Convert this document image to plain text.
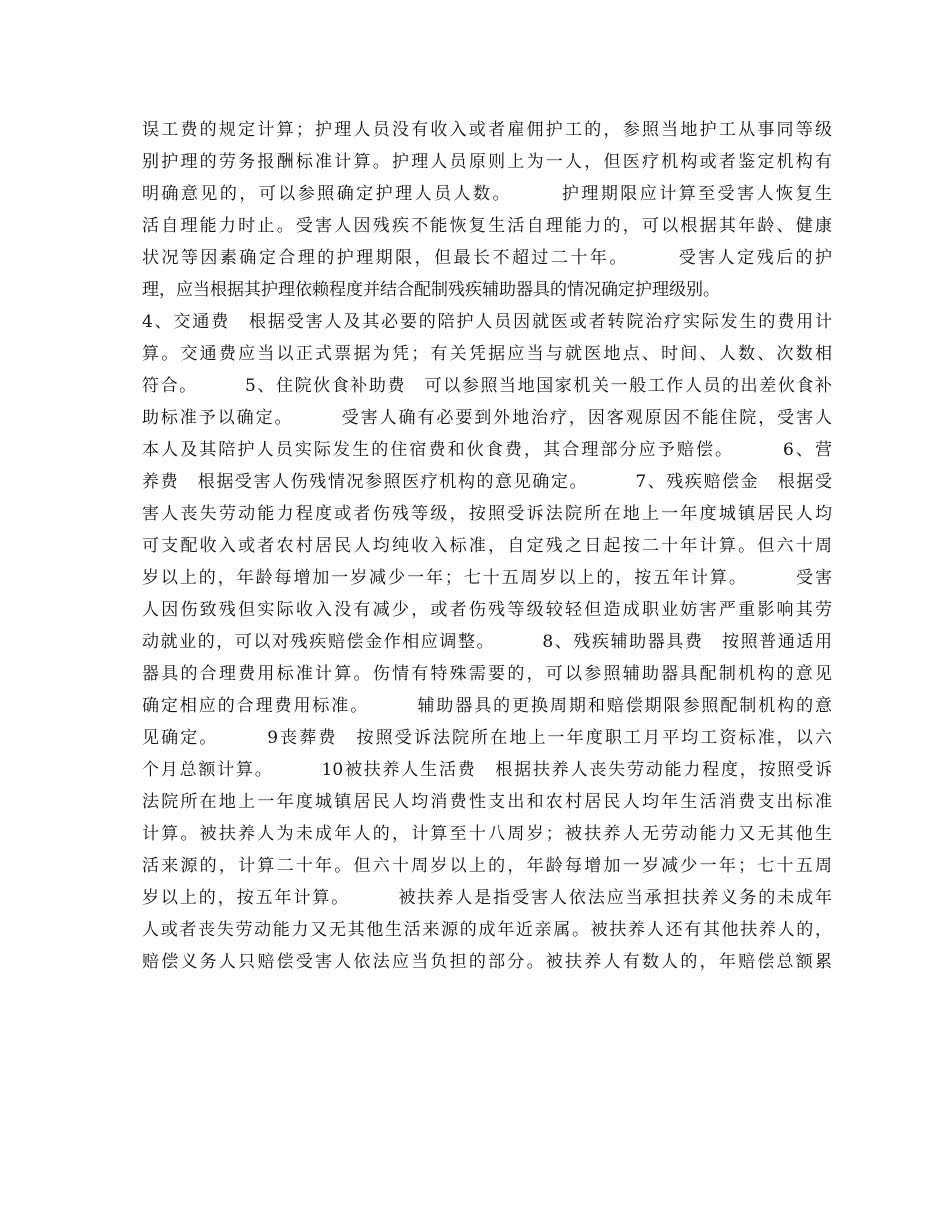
误工费的规定计算；护理人员没有收入或者雇佣护工的，参照当地护工从事同等级
别护理的劳务报酬标准计算。护理人员原则上为一人，但医疗机构或者鉴定机构有
明确意见的，可以参照确定护理人员人数。　　　护理期限应计算至受害人恢复生
活自理能力时止。受害人因残疾不能恢复生活自理能力的，可以根据其年龄、健康
状况等因素确定合理的护理期限，但最长不超过二十年。　　　受害人定残后的护
理，应当根据其护理依赖程度并结合配制残疾辅助器具的情况确定护理级别。
4、交通费　根据受害人及其必要的陪护人员因就医或者转院治疗实际发生的费用计
算。交通费应当以正式票据为凭；有关凭据应当与就医地点、时间、人数、次数相
符合。　　　5、住院伙食补助费　可以参照当地国家机关一般工作人员的出差伙食补
助标准予以确定。　　　受害人确有必要到外地治疗，因客观原因不能住院，受害人
本人及其陪护人员实际发生的住宿费和伙食费，其合理部分应予赔偿。　　　6、营
养费　根据受害人伤残情况参照医疗机构的意见确定。　　　7、残疾赔偿金　根据受
害人丧失劳动能力程度或者伤残等级，按照受诉法院所在地上一年度城镇居民人均
可支配收入或者农村居民人均纯收入标准，自定残之日起按二十年计算。但六十周
岁以上的，年龄每增加一岁减少一年；七十五周岁以上的，按五年计算。　　　受害
人因伤致残但实际收入没有减少，或者伤残等级较轻但造成职业妨害严重影响其劳
动就业的，可以对残疾赔偿金作相应调整。　　　8、残疾辅助器具费　按照普通适用
器具的合理费用标准计算。伤情有特殊需要的，可以参照辅助器具配制机构的意见
确定相应的合理费用标准。　　　辅助器具的更换周期和赔偿期限参照配制机构的意
见确定。　　　9丧葬费　按照受诉法院所在地上一年度职工月平均工资标准，以六
个月总额计算。　　　10被扶养人生活费　根据扶养人丧失劳动能力程度，按照受诉
法院所在地上一年度城镇居民人均消费性支出和农村居民人均年生活消费支出标准
计算。被扶养人为未成年人的，计算至十八周岁；被扶养人无劳动能力又无其他生
活来源的，计算二十年。但六十周岁以上的，年龄每增加一岁减少一年；七十五周
岁以上的，按五年计算。　　　被扶养人是指受害人依法应当承担扶养义务的未成年
人或者丧失劳动能力又无其他生活来源的成年近亲属。被扶养人还有其他扶养人的，
赔偿义务人只赔偿受害人依法应当负担的部分。被扶养人有数人的，年赔偿总额累
